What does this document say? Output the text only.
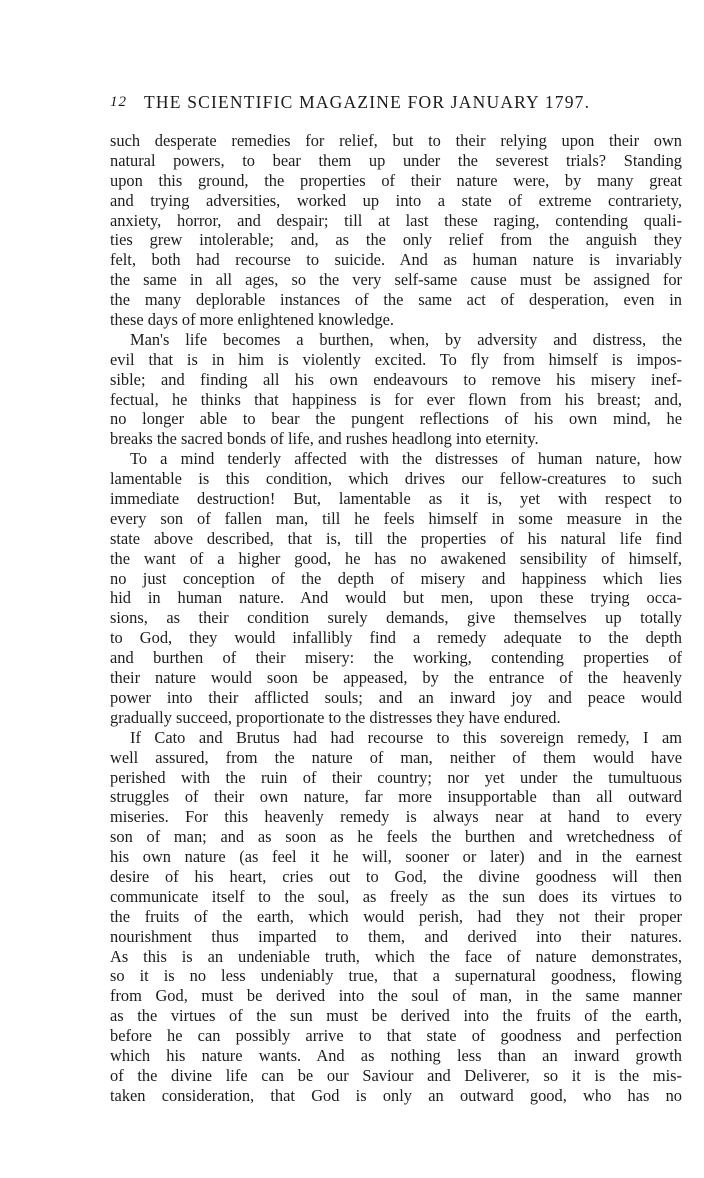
12 THE SCIENTIFIC MAGAZINE FOR JANUARY 1797.
such desperate remedies for relief, but to their relying upon their own
natural powers, to bear them up under the severest trials? Standing
upon this ground, the properties of their nature were, by many great
and trying adversities, worked up into a state of extreme contrariety,
anxiety, horror, and despair; till at last these raging, contending quali-
ties grew intolerable; and, as the only relief from the anguish they
felt, both had recourse to suicide. And as human nature is invariably
the same in all ages, so the very self-same cause must be assigned for
the many deplorable instances of the same act of desperation, even in
these days of more enlightened knowledge.
Man's life becomes a burthen, when, by adversity and distress, the
evil that is in him is violently excited. To fly from himself is impos-
sible; and finding all his own endeavours to remove his misery inef-
fectual, he thinks that happiness is for ever flown from his breast; and,
no longer able to bear the pungent reflections of his own mind, he
breaks the sacred bonds of life, and rushes headlong into eternity.
To a mind tenderly affected with the distresses of human nature, how
lamentable is this condition, which drives our fellow-creatures to such
immediate destruction! But, lamentable as it is, yet with respect to
every son of fallen man, till he feels himself in some measure in the
state above described, that is, till the properties of his natural life find
the want of a higher good, he has no awakened sensibility of himself,
no just conception of the depth of misery and happiness which lies
hid in human nature. And would but men, upon these trying occa-
sions, as their condition surely demands, give themselves up totally
to God, they would infallibly find a remedy adequate to the depth
and burthen of their misery: the working, contending properties of
their nature would soon be appeased, by the entrance of the heavenly
power into their afflicted souls; and an inward joy and peace would
gradually succeed, proportionate to the distresses they have endured.
If Cato and Brutus had had recourse to this sovereign remedy, I am
well assured, from the nature of man, neither of them would have
perished with the ruin of their country; nor yet under the tumultuous
struggles of their own nature, far more insupportable than all outward
miseries. For this heavenly remedy is always near at hand to every
son of man; and as soon as he feels the burthen and wretchedness of
his own nature (as feel it he will, sooner or later) and in the earnest
desire of his heart, cries out to God, the divine goodness will then
communicate itself to the soul, as freely as the sun does its virtues to
the fruits of the earth, which would perish, had they not their proper
nourishment thus imparted to them, and derived into their natures.
As this is an undeniable truth, which the face of nature demonstrates,
so it is no less undeniably true, that a supernatural goodness, flowing
from God, must be derived into the soul of man, in the same manner
as the virtues of the sun must be derived into the fruits of the earth,
before he can possibly arrive to that state of goodness and perfection
which his nature wants. And as nothing less than an inward growth
of the divine life can be our Saviour and Deliverer, so it is the mis-
taken consideration, that God is only an outward good, who has no
